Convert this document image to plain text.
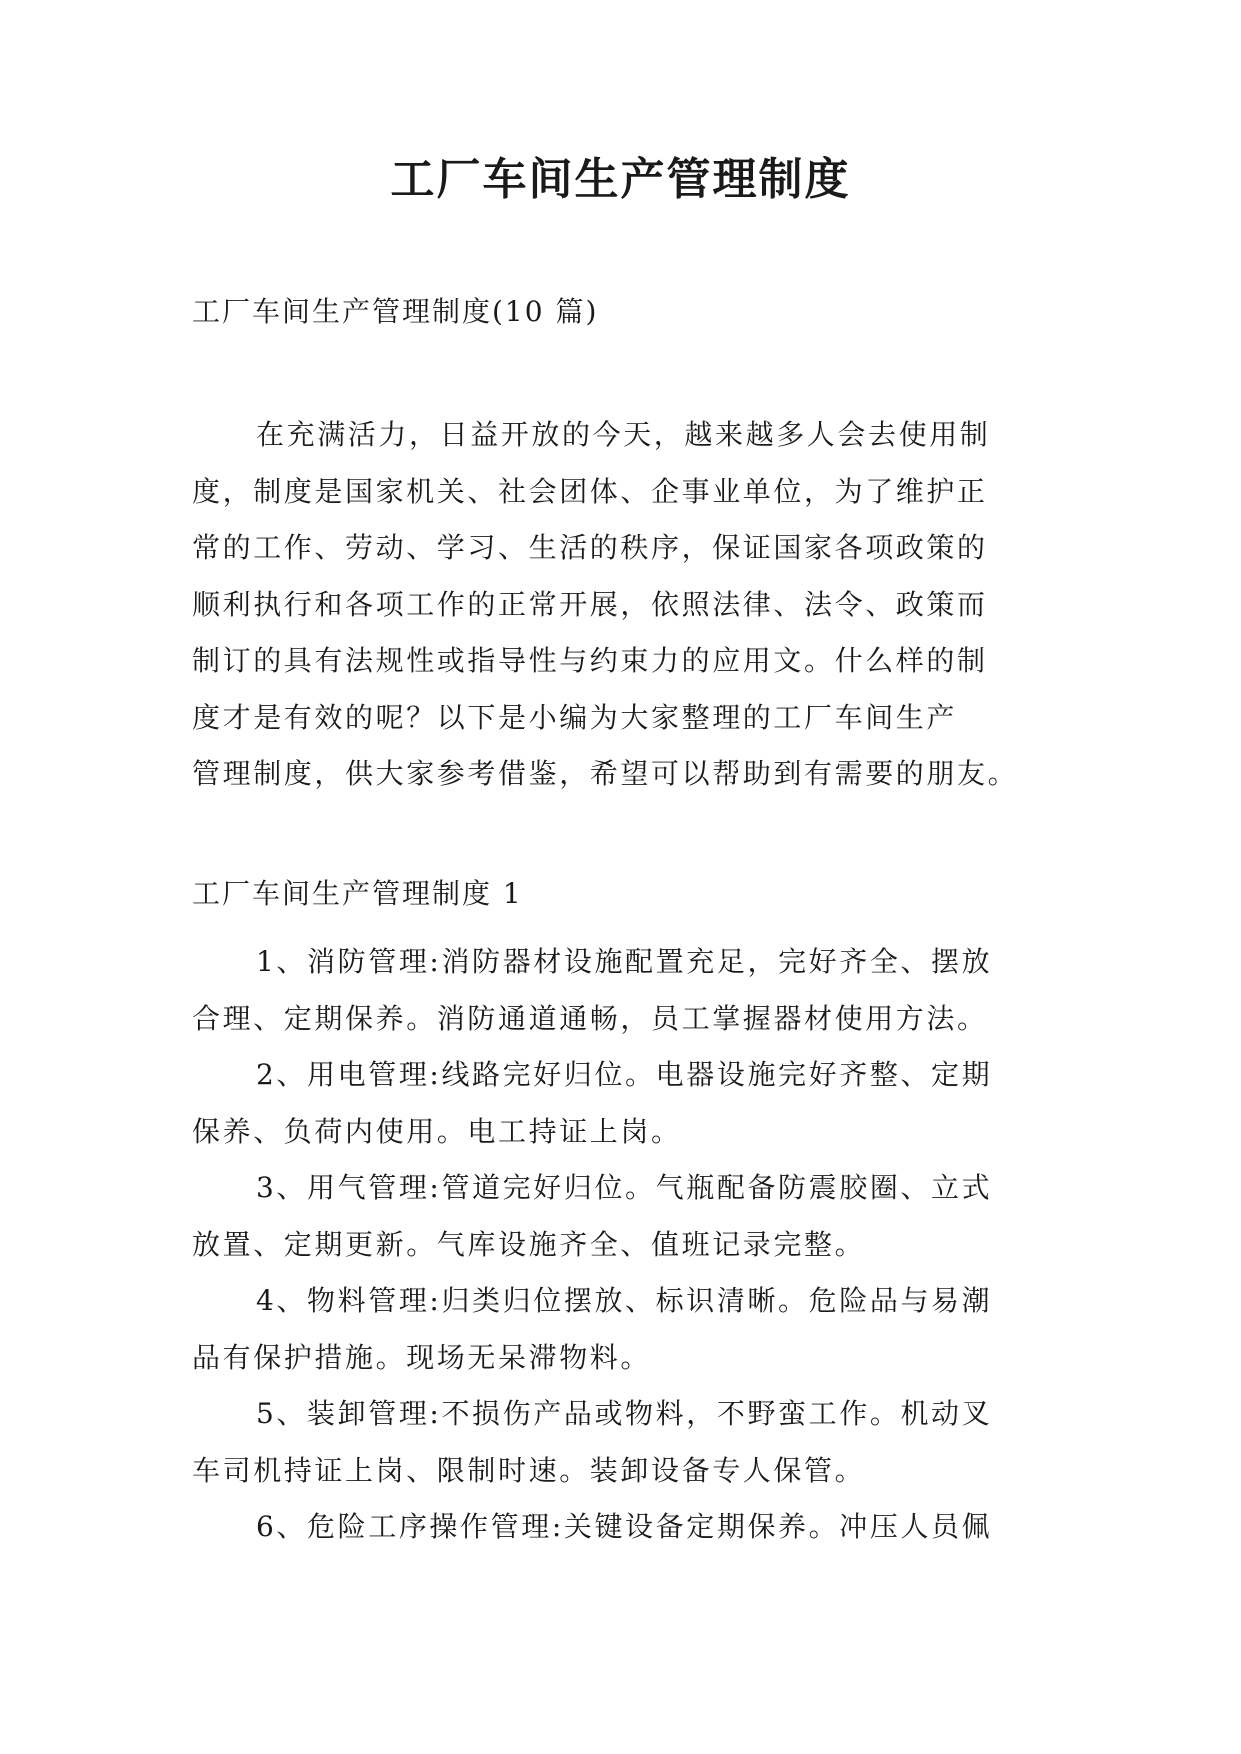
工厂车间生产管理制度
工厂车间生产管理制度(10 篇)
在充满活力，日益开放的今天，越来越多人会去使用制
度，制度是国家机关、社会团体、企事业单位，为了维护正
常的工作、劳动、学习、生活的秩序，保证国家各项政策的
顺利执行和各项工作的正常开展，依照法律、法令、政策而
制订的具有法规性或指导性与约束力的应用文。什么样的制
度才是有效的呢？以下是小编为大家整理的工厂车间生产
管理制度，供大家参考借鉴，希望可以帮助到有需要的朋友。
工厂车间生产管理制度 1
1、消防管理:消防器材设施配置充足，完好齐全、摆放
合理、定期保养。消防通道通畅，员工掌握器材使用方法。
2、用电管理:线路完好归位。电器设施完好齐整、定期
保养、负荷内使用。电工持证上岗。
3、用气管理:管道完好归位。气瓶配备防震胶圈、立式
放置、定期更新。气库设施齐全、值班记录完整。
4、物料管理:归类归位摆放、标识清晰。危险品与易潮
品有保护措施。现场无呆滞物料。
5、装卸管理:不损伤产品或物料，不野蛮工作。机动叉
车司机持证上岗、限制时速。装卸设备专人保管。
6、危险工序操作管理:关键设备定期保养。冲压人员佩
